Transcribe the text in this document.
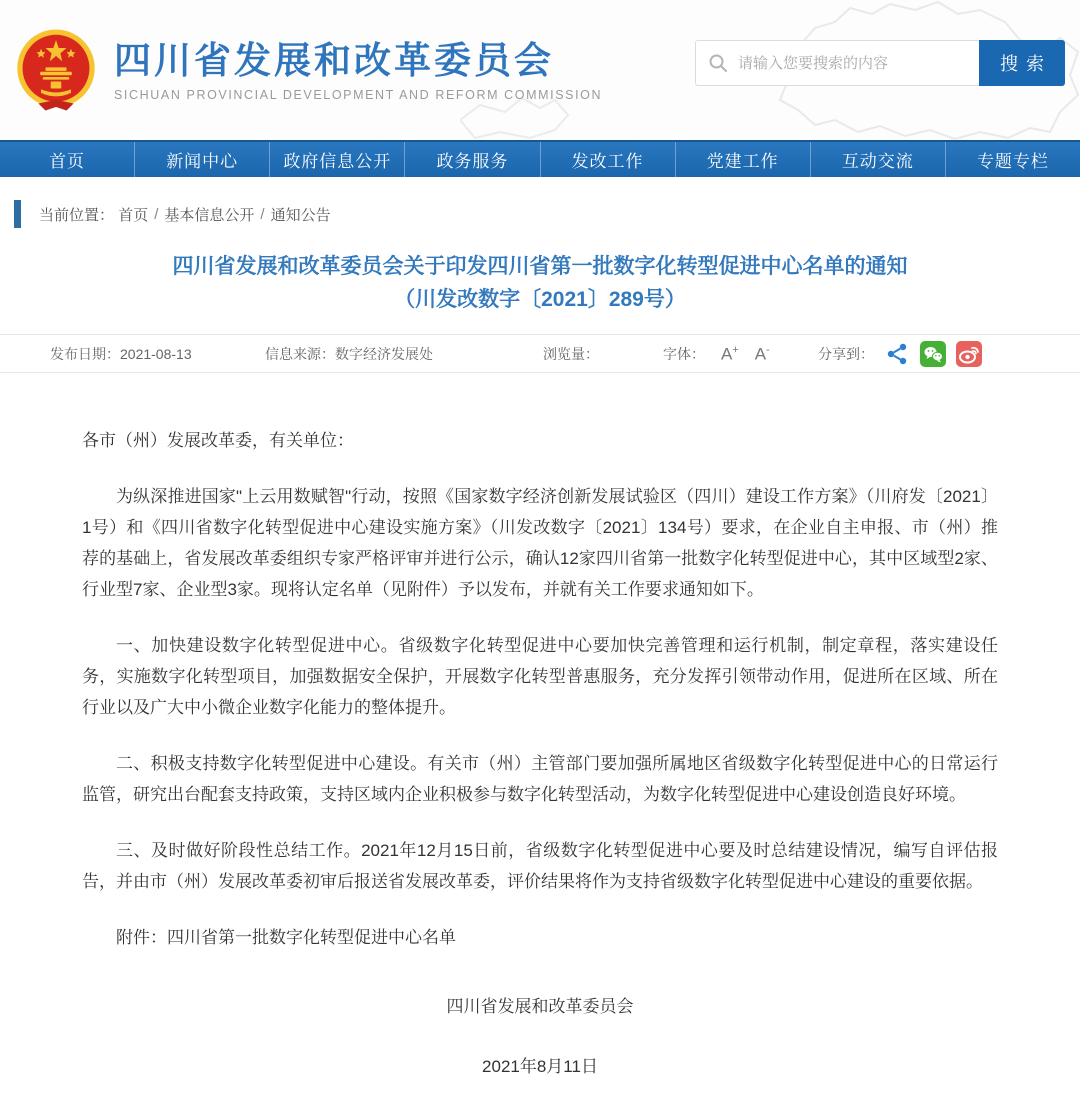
四川省发展和改革委员会
SICHUAN PROVINCIAL DEVELOPMENT AND REFORM COMMISSION
请输入您要搜索的内容
搜索
首页	新闻中心	政府信息公开	政务服务	发改工作	党建工作	互动交流	专题专栏
当前位置：
首页 / 基本信息公开 / 通知公告
四川省发展和改革委员会关于印发四川省第一批数字化转型促进中心名单的通知
（川发改数字〔2021〕289号）
发布日期：2021-08-13	信息来源：数字经济发展处	浏览量：	字体： A+ A-	分享到：

各市（州）发展改革委，有关单位：

为纵深推进国家"上云用数赋智"行动，按照《国家数字经济创新发展试验区（四川）建设工作方案》（川府发〔2021〕1号）和《四川省数字化转型促进中心建设实施方案》（川发改数字〔2021〕134号）要求，在企业自主申报、市（州）推荐的基础上，省发展改革委组织专家严格评审并进行公示，确认12家四川省第一批数字化转型促进中心，其中区域型2家、行业型7家、企业型3家。现将认定名单（见附件）予以发布，并就有关工作要求通知如下。

一、加快建设数字化转型促进中心。省级数字化转型促进中心要加快完善管理和运行机制，制定章程，落实建设任务，实施数字化转型项目，加强数据安全保护，开展数字化转型普惠服务，充分发挥引领带动作用，促进所在区域、所在行业以及广大中小微企业数字化能力的整体提升。

二、积极支持数字化转型促进中心建设。有关市（州）主管部门要加强所属地区省级数字化转型促进中心的日常运行监管，研究出台配套支持政策，支持区域内企业积极参与数字化转型活动，为数字化转型促进中心建设创造良好环境。

三、及时做好阶段性总结工作。2021年12月15日前，省级数字化转型促进中心要及时总结建设情况，编写自评估报告，并由市（州）发展改革委初审后报送省发展改革委，评价结果将作为支持省级数字化转型促进中心建设的重要依据。

附件：四川省第一批数字化转型促进中心名单

四川省发展和改革委员会
2021年8月11日
